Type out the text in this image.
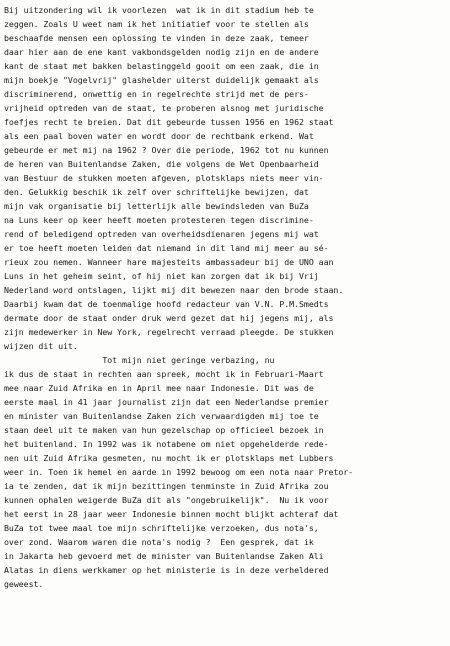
Bij uitzondering wil ik voorlezen  wat ik in dit stadium heb te
zeggen. Zoals U weet nam ik het initiatief voor te stellen als
beschaafde mensen een oplossing te vinden in deze zaak, temeer
daar hier aan de ene kant vakbondsgelden nodig zijn en de andere
kant de staat met bakken belastinggeld gooit om een zaak, die in
mijn boekje "Vogelvrij" glashelder uiterst duidelijk gemaakt als
discriminerend, onwettig en in regelrechte strijd met de pers-
vrijheid optreden van de staat, te proberen alsnog met juridische
foefjes recht te breien. Dat dit gebeurde tussen 1956 en 1962 staat
als een paal boven water en wordt door de rechtbank erkend. Wat
gebeurde er met mij na 1962 ? Over die periode, 1962 tot nu kunnen
de heren van Buitenlandse Zaken, die volgens de Wet Openbaarheid
van Bestuur de stukken moeten afgeven, plotsklaps niets meer vin-
den. Gelukkig beschik ik zelf over schriftelijke bewijzen, dat
mijn vak organisatie bij letterlijk alle bewindsleden van BuZa
na Luns keer op keer heeft moeten protesteren tegen discrimine-
rend of beledigend optreden van overheidsdienaren jegens mij wat
er toe heeft moeten leiden dat niemand in dit land mij meer au sé-
rieux zou nemen. Wanneer hare majesteits ambassadeur bij de UNO aan
Luns in het geheim seint, of hij niet kan zorgen dat ik bij Vrij
Nederland word ontslagen, lijkt mij dit bewezen naar den brode staan.
Daarbij kwam dat de toenmalige hoofd redacteur van V.N. P.M.Smedts
dermate door de staat onder druk werd gezet dat hij jegens mij, als
zijn medewerker in New York, regelrecht verraad pleegde. De stukken
wijzen dit uit.
Tot mijn niet geringe verbazing, nu
ik dus de staat in rechten aan spreek, mocht ik in Februari-Maart
mee naar Zuid Afrika en in April mee naar Indonesie. Dit was de
eerste maal in 41 jaar journalist zijn dat een Nederlandse premier
en minister van Buitenlandse Zaken zich verwaardigden mij toe te
staan deel uit te maken van hun gezelschap op officieel bezoek in
het buitenland. In 1992 was ik notabene om niet opgehelderde rede-
nen uit Zuid Afrika gesmeten, nu mocht ik er plotsklaps met Lubbers
weer in. Toen ik hemel en aarde in 1992 bewoog om een nota naar Pretor-
ia te zenden, dat ik mijn bezittingen tenminste in Zuid Afrika zou
kunnen ophalen weigerde BuZa dit als "ongebruikelijk".  Nu ik voor
het eerst in 28 jaar weer Indonesie binnen mocht blijkt achteraf dat
BuZa tot twee maal toe mijn schriftelijke verzoeken, dus nota's,
over zond. Waarom waren die nota's nodig ?  Een gesprek, dat ik
in Jakarta heb gevoerd met de minister van Buitenlandse Zaken Ali
Alatas in diens werkkamer op het ministerie is in deze verheldered
geweest.
